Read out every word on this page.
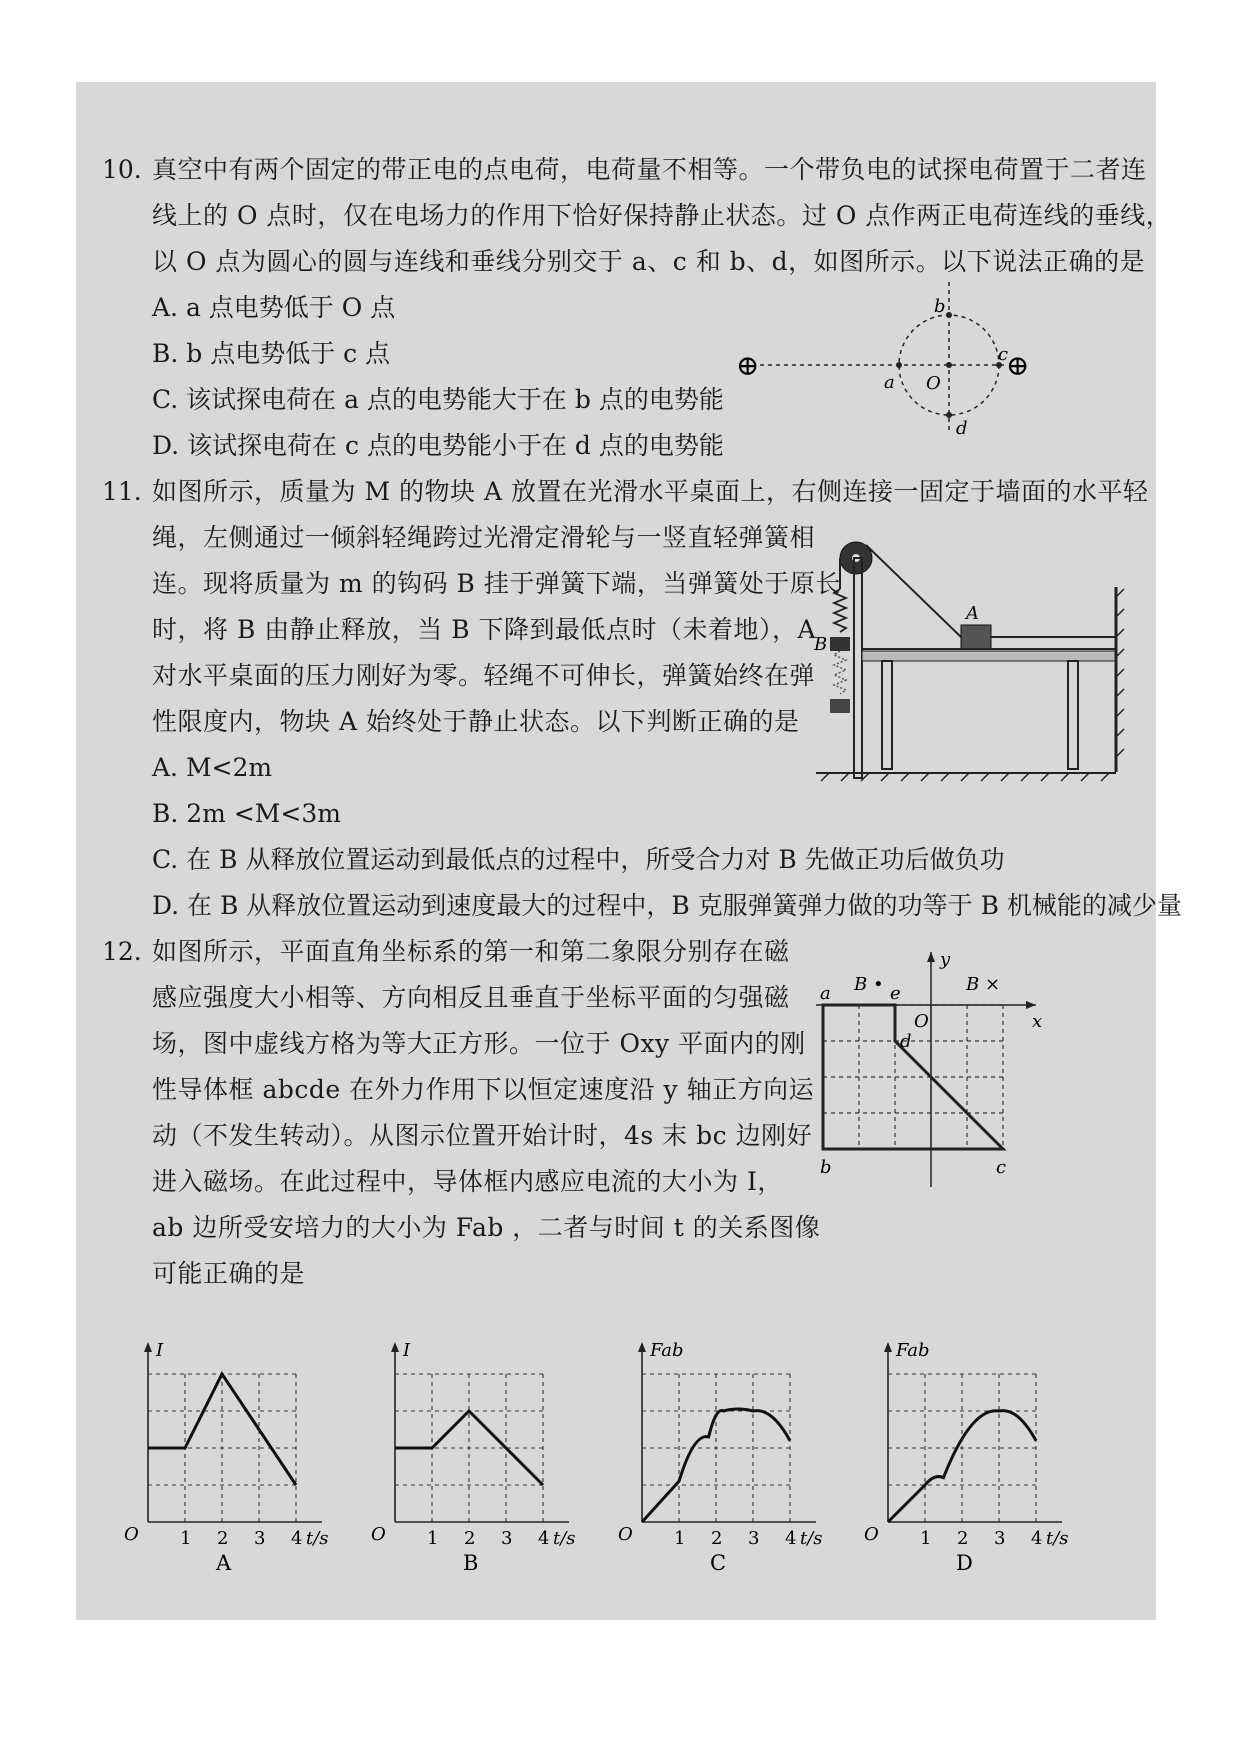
10. 真空中有两个固定的带正电的点电荷，电荷量不相等。一个带负电的试探电荷置于二者连
线上的 O 点时，仅在电场力的作用下恰好保持静止状态。过 O 点作两正电荷连线的垂线，
以 O 点为圆心的圆与连线和垂线分别交于 a、c 和 b、d，如图所示。以下说法正确的是
A. a 点电势低于 O 点
B. b 点电势低于 c 点
C. 该试探电荷在 a 点的电势能大于在 b 点的电势能
D. 该试探电荷在 c 点的电势能小于在 d 点的电势能
⊕	⊕
a O
c
b
d
11. 如图所示，质量为 M 的物块 A 放置在光滑水平桌面上，右侧连接一固定于墙面的水平轻
绳，左侧通过一倾斜轻绳跨过光滑定滑轮与一竖直轻弹簧相
连。现将质量为 m 的钩码 B 挂于弹簧下端，当弹簧处于原长
时，将 B 由静止释放，当 B 下降到最低点时（未着地），A
对水平桌面的压力刚好为零。轻绳不可伸长，弹簧始终在弹
性限度内，物块 A 始终处于静止状态。以下判断正确的是
A. M<2m
B. 2m <M<3m
C. 在 B 从释放位置运动到最低点的过程中，所受合力对 B 先做正功后做负功
D. 在 B 从释放位置运动到速度最大的过程中，B 克服弹簧弹力做的功等于 B 机械能的减少量
B
A
12. 如图所示，平面直角坐标系的第一和第二象限分别存在磁
感应强度大小相等、方向相反且垂直于坐标平面的匀强磁
场，图中虚线方格为等大正方形。一位于 Oxy 平面内的刚
性导体框 abcde 在外力作用下以恒定速度沿 y 轴正方向运
动（不发生转动）。从图示位置开始计时，4s 末 bc 边刚好
进入磁场。在此过程中，导体框内感应电流的大小为 I，
ab 边所受安培力的大小为 Fab ，二者与时间 t 的关系图像
可能正确的是
x
y
O
B •	B ×
a	e
d
b	c
I
O 1 2 3 4 t/s
A
I
O 1 2 3 4 t/s
B
Fab
O 1 2 3 4 t/s
C
Fab
O 1 2 3 4 t/s
D
